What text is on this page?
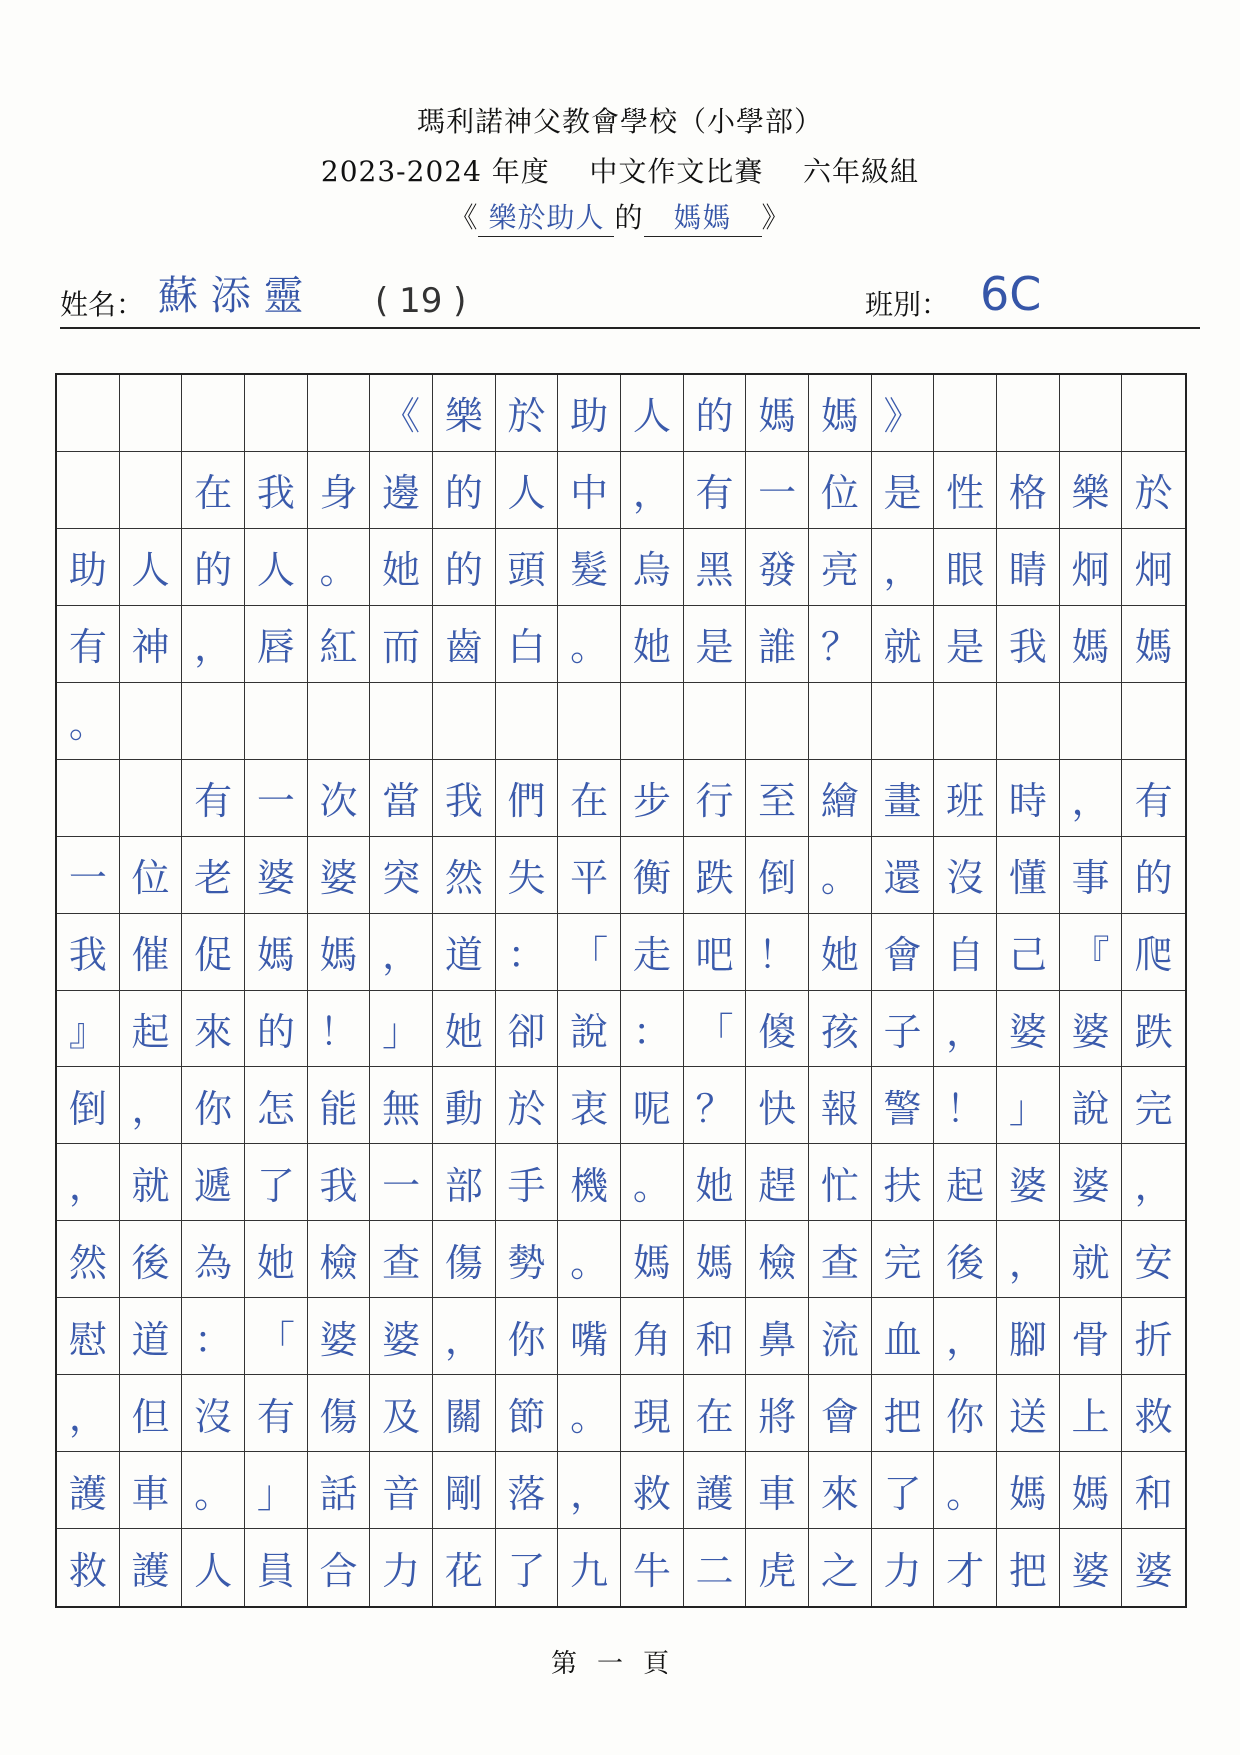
瑪利諾神父教會學校（小學部）
2023-2024 年度 中文作文比賽 六年級組
《 樂於助人 的 媽媽 》
姓名： 蘇 添 靈 ( 19 )	班別： 6C
《 樂 於 助 人 的 媽 媽 》
在 我 身 邊 的 人 中 ， 有 一 位 是 性 格 樂 於
助 人 的 人 。 她 的 頭 髮 烏 黑 發 亮 ， 眼 睛 炯 炯
有 神 ， 唇 紅 而 齒 白 。 她 是 誰 ？ 就 是 我 媽 媽
。
有 一 次 當 我 們 在 步 行 至 繪 畫 班 時 ， 有
一 位 老 婆 婆 突 然 失 平 衡 跌 倒 。 還 沒 懂 事 的
我 催 促 媽 媽 ， 道 ： 「 走 吧 ！ 她 會 自 己 『 爬
』 起 來 的 ！ 」 她 卻 說 ： 「 傻 孩 子 ， 婆 婆 跌
倒 ， 你 怎 能 無 動 於 衷 呢 ？ 快 報 警 ！ 」 說 完
， 就 遞 了 我 一 部 手 機 。 她 趕 忙 扶 起 婆 婆 ，
然 後 為 她 檢 查 傷 勢 。 媽 媽 檢 查 完 後 ， 就 安
慰 道 ： 「 婆 婆 ， 你 嘴 角 和 鼻 流 血 ， 腳 骨 折
， 但 沒 有 傷 及 關 節 。 現 在 將 會 把 你 送 上 救
護 車 。 」 話 音 剛 落 ， 救 護 車 來 了 。 媽 媽 和
救 護 人 員 合 力 花 了 九 牛 二 虎 之 力 才 把 婆 婆
第一頁
